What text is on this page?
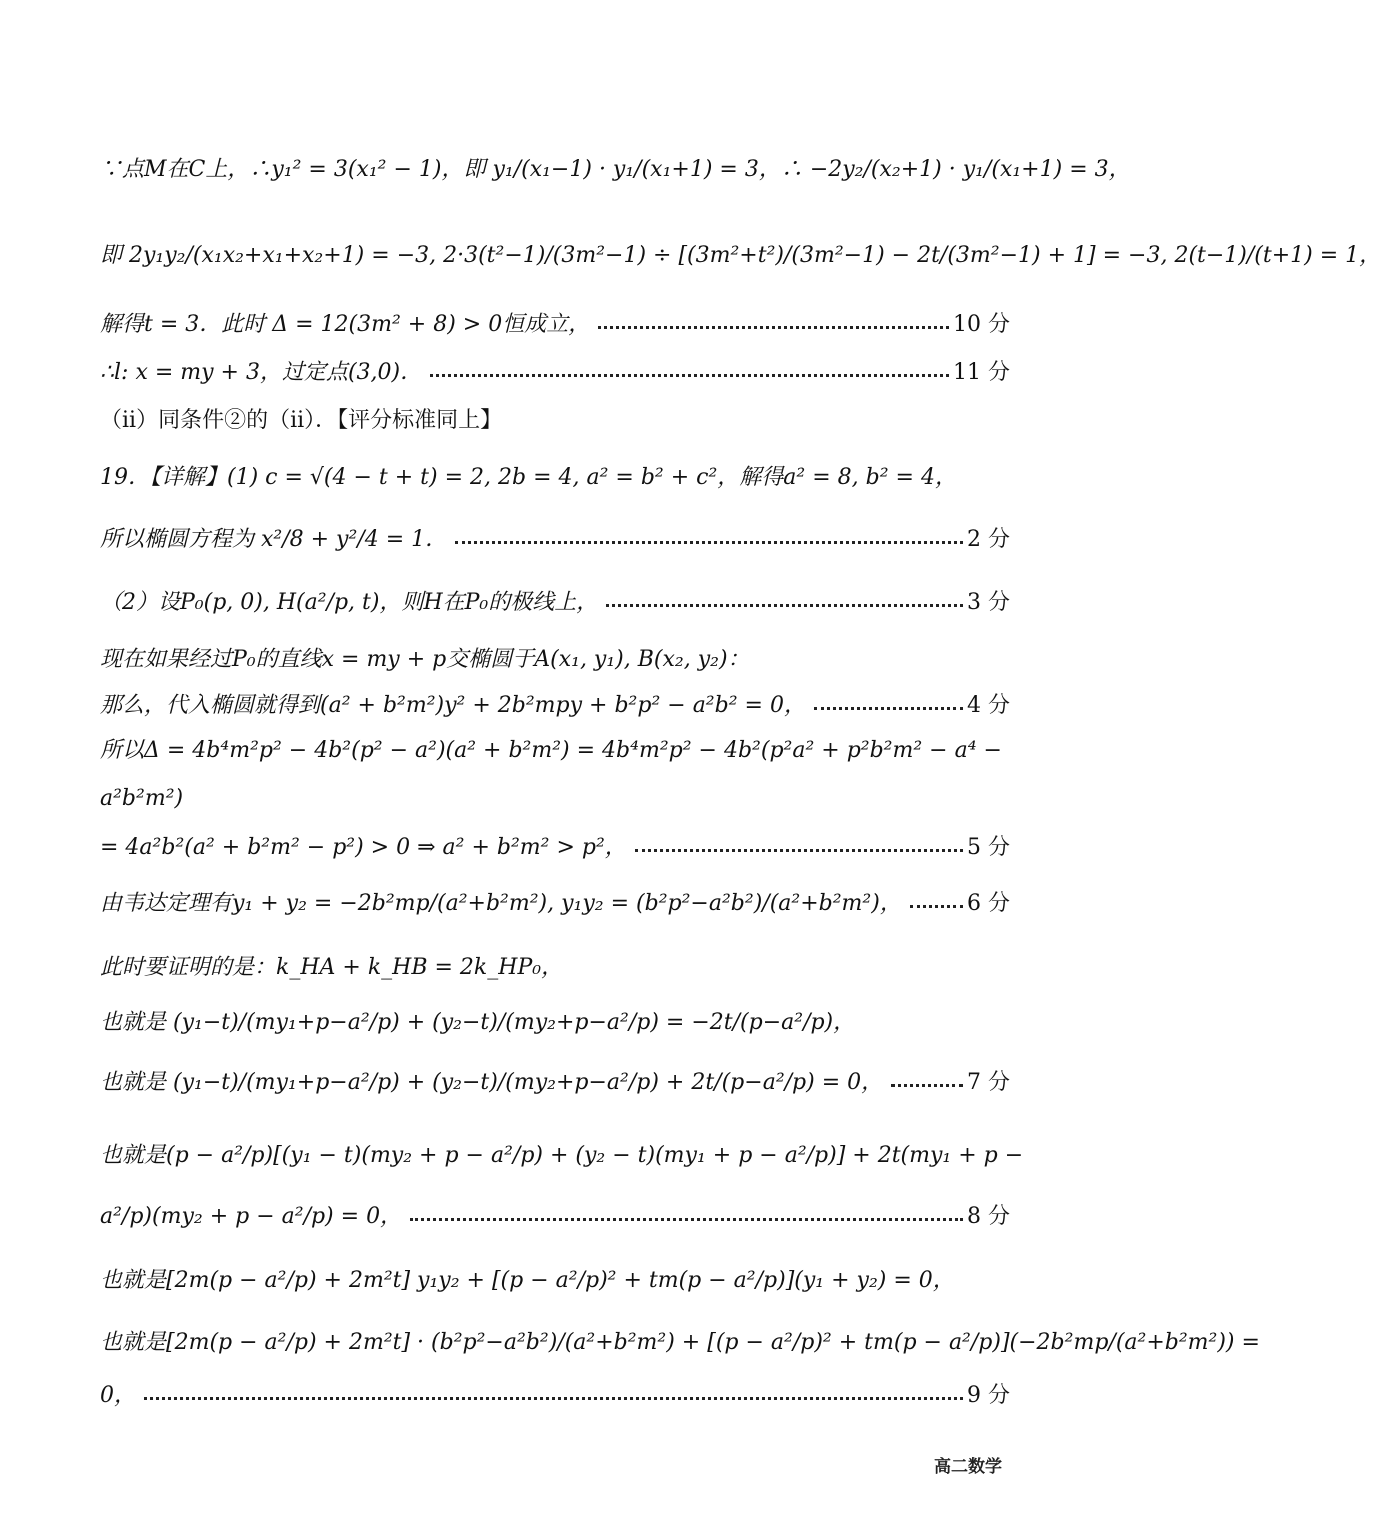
∵点M在C上，∴y₁² = 3(x₁² − 1)，即 y₁/(x₁−1) · y₁/(x₁+1) = 3，∴ −2y₂/(x₂+1) · y₁/(x₁+1) = 3，
即 2y₁y₂/(x₁x₂+x₁+x₂+1) = −3, 2·3(t²−1)/(3m²−1) ÷ [(3m²+t²)/(3m²−1) − 2t/(3m²−1) + 1] = −3, 2(t−1)/(t+1) = 1，
解得t = 3．此时 Δ = 12(3m² + 8) > 0恒成立，	10 分
∴l: x = my + 3，过定点(3,0)．	11 分
（ii）同条件②的（ii）．【评分标准同上】
19．【详解】(1) c = √(4 − t + t) = 2, 2b = 4, a² = b² + c²，解得a² = 8, b² = 4，
所以椭圆方程为 x²/8 + y²/4 = 1．	2 分
（2）设P₀(p, 0), H(a²/p, t)，则H在P₀的极线上，	3 分
现在如果经过P₀的直线x = my + p交椭圆于A(x₁, y₁), B(x₂, y₂)：
那么，代入椭圆就得到(a² + b²m²)y² + 2b²mpy + b²p² − a²b² = 0，	4 分
所以Δ = 4b⁴m²p² − 4b²(p² − a²)(a² + b²m²) = 4b⁴m²p² − 4b²(p²a² + p²b²m² − a⁴ −
a²b²m²)
= 4a²b²(a² + b²m² − p²) > 0 ⇒ a² + b²m² > p²，	5 分
由韦达定理有y₁ + y₂ = −2b²mp/(a²+b²m²), y₁y₂ = (b²p²−a²b²)/(a²+b²m²)，	6 分
此时要证明的是：k_HA + k_HB = 2k_HP₀，
也就是 (y₁−t)/(my₁+p−a²/p) + (y₂−t)/(my₂+p−a²/p) = −2t/(p−a²/p)，
也就是 (y₁−t)/(my₁+p−a²/p) + (y₂−t)/(my₂+p−a²/p) + 2t/(p−a²/p) = 0，	7 分
也就是(p − a²/p)[(y₁ − t)(my₂ + p − a²/p) + (y₂ − t)(my₁ + p − a²/p)] + 2t(my₁ + p −
a²/p)(my₂ + p − a²/p) = 0，	8 分
也就是[2m(p − a²/p) + 2m²t] y₁y₂ + [(p − a²/p)² + tm(p − a²/p)](y₁ + y₂) = 0，
也就是[2m(p − a²/p) + 2m²t] · (b²p²−a²b²)/(a²+b²m²) + [(p − a²/p)² + tm(p − a²/p)](−2b²mp/(a²+b²m²)) =
0，	9 分
高二数学
